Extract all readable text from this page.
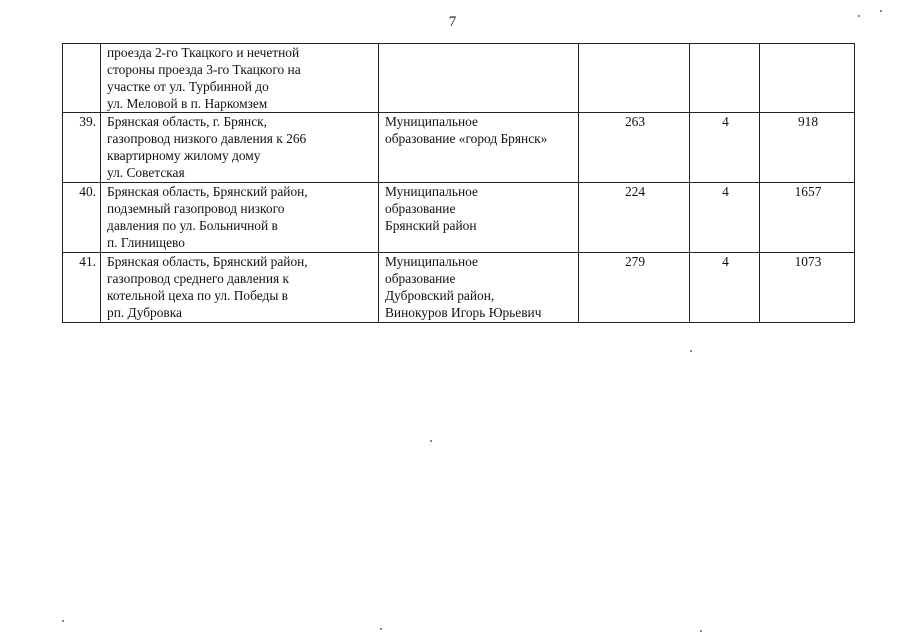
7

	проезда 2-го Ткацкого и нечетной
стороны проезда 3-го Ткацкого на
участке от ул. Турбинной до
ул. Меловой в п. Наркомзем				

39.	Брянская область, г. Брянск,
газопровод низкого давления к 266
квартирному жилому дому
ул. Советская	Муниципальное
образование «город Брянск»	263	4	918
40.	Брянская область, Брянский район,
подземный газопровод низкого
давления по ул. Больничной в
п. Глинищево	Муниципальное
образование
Брянский район	224	4	1657
41.	Брянская область, Брянский район,
газопровод среднего давления к
котельной цеха по ул. Победы в
рп. Дубровка	Муниципальное
образование
Дубровский район,
Винокуров Игорь Юрьевич	279	4	1073
